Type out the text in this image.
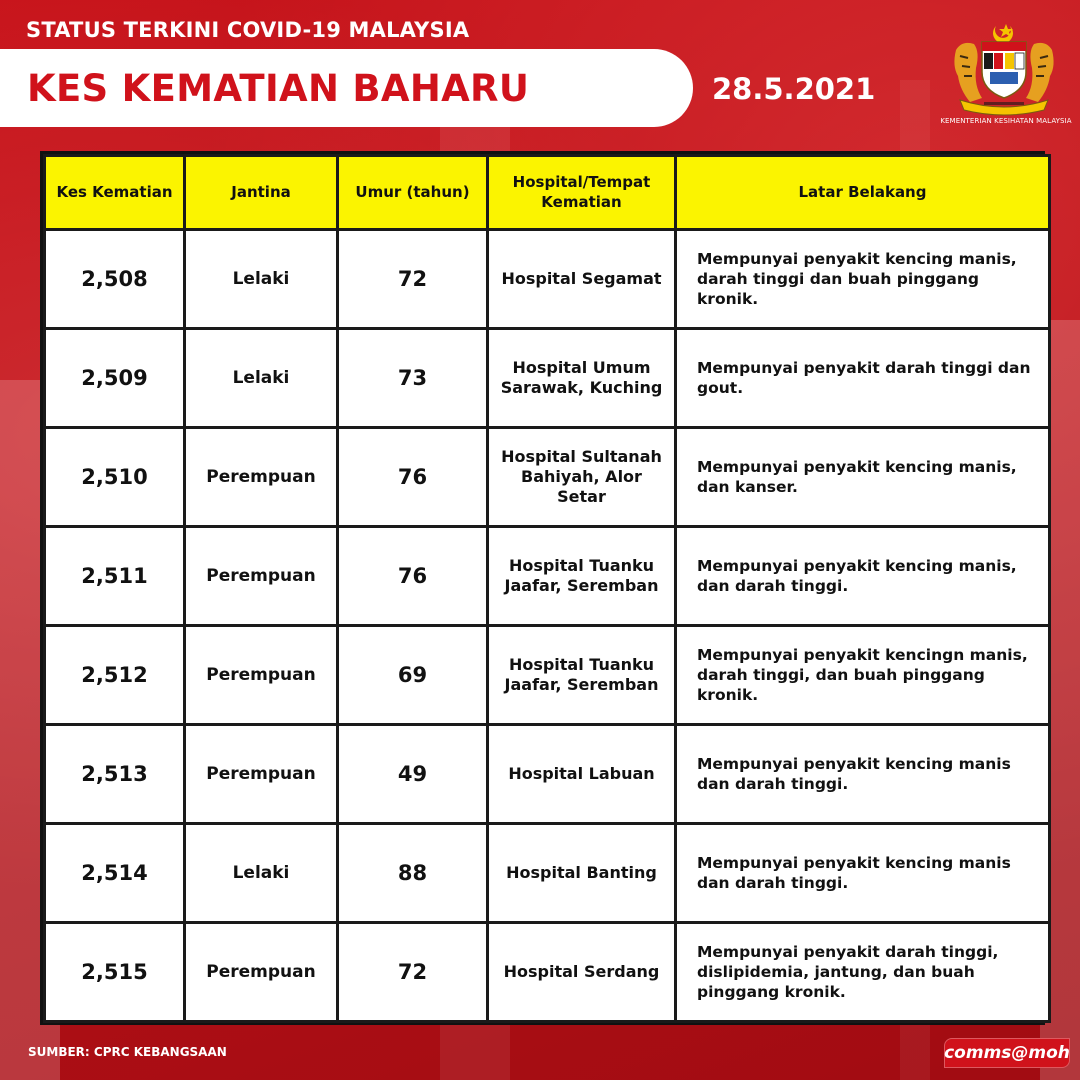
STATUS TERKINI COVID-19 MALAYSIA
KES KEMATIAN BAHARU	28.5.2021
KEMENTERIAN KESIHATAN MALAYSIA
Kes Kematian	Jantina	Umur (tahun)	Hospital/Tempat Kematian	Latar Belakang
2,508	Lelaki	72	Hospital Segamat	Mempunyai penyakit kencing manis, darah tinggi dan buah pinggang kronik.
2,509	Lelaki	73	Hospital Umum Sarawak, Kuching	Mempunyai penyakit darah tinggi dan gout.
2,510	Perempuan	76	Hospital Sultanah Bahiyah, Alor Setar	Mempunyai penyakit kencing manis, dan kanser.
2,511	Perempuan	76	Hospital Tuanku Jaafar, Seremban	Mempunyai penyakit kencing manis, dan darah tinggi.
2,512	Perempuan	69	Hospital Tuanku Jaafar, Seremban	Mempunyai penyakit kencingn manis, darah tinggi, dan buah pinggang kronik.
2,513	Perempuan	49	Hospital Labuan	Mempunyai penyakit kencing manis dan darah tinggi.
2,514	Lelaki	88	Hospital Banting	Mempunyai penyakit kencing manis dan darah tinggi.
2,515	Perempuan	72	Hospital Serdang	Mempunyai penyakit darah tinggi, dislipidemia, jantung, dan buah pinggang kronik.
SUMBER: CPRC KEBANGSAAN	comms@moh
